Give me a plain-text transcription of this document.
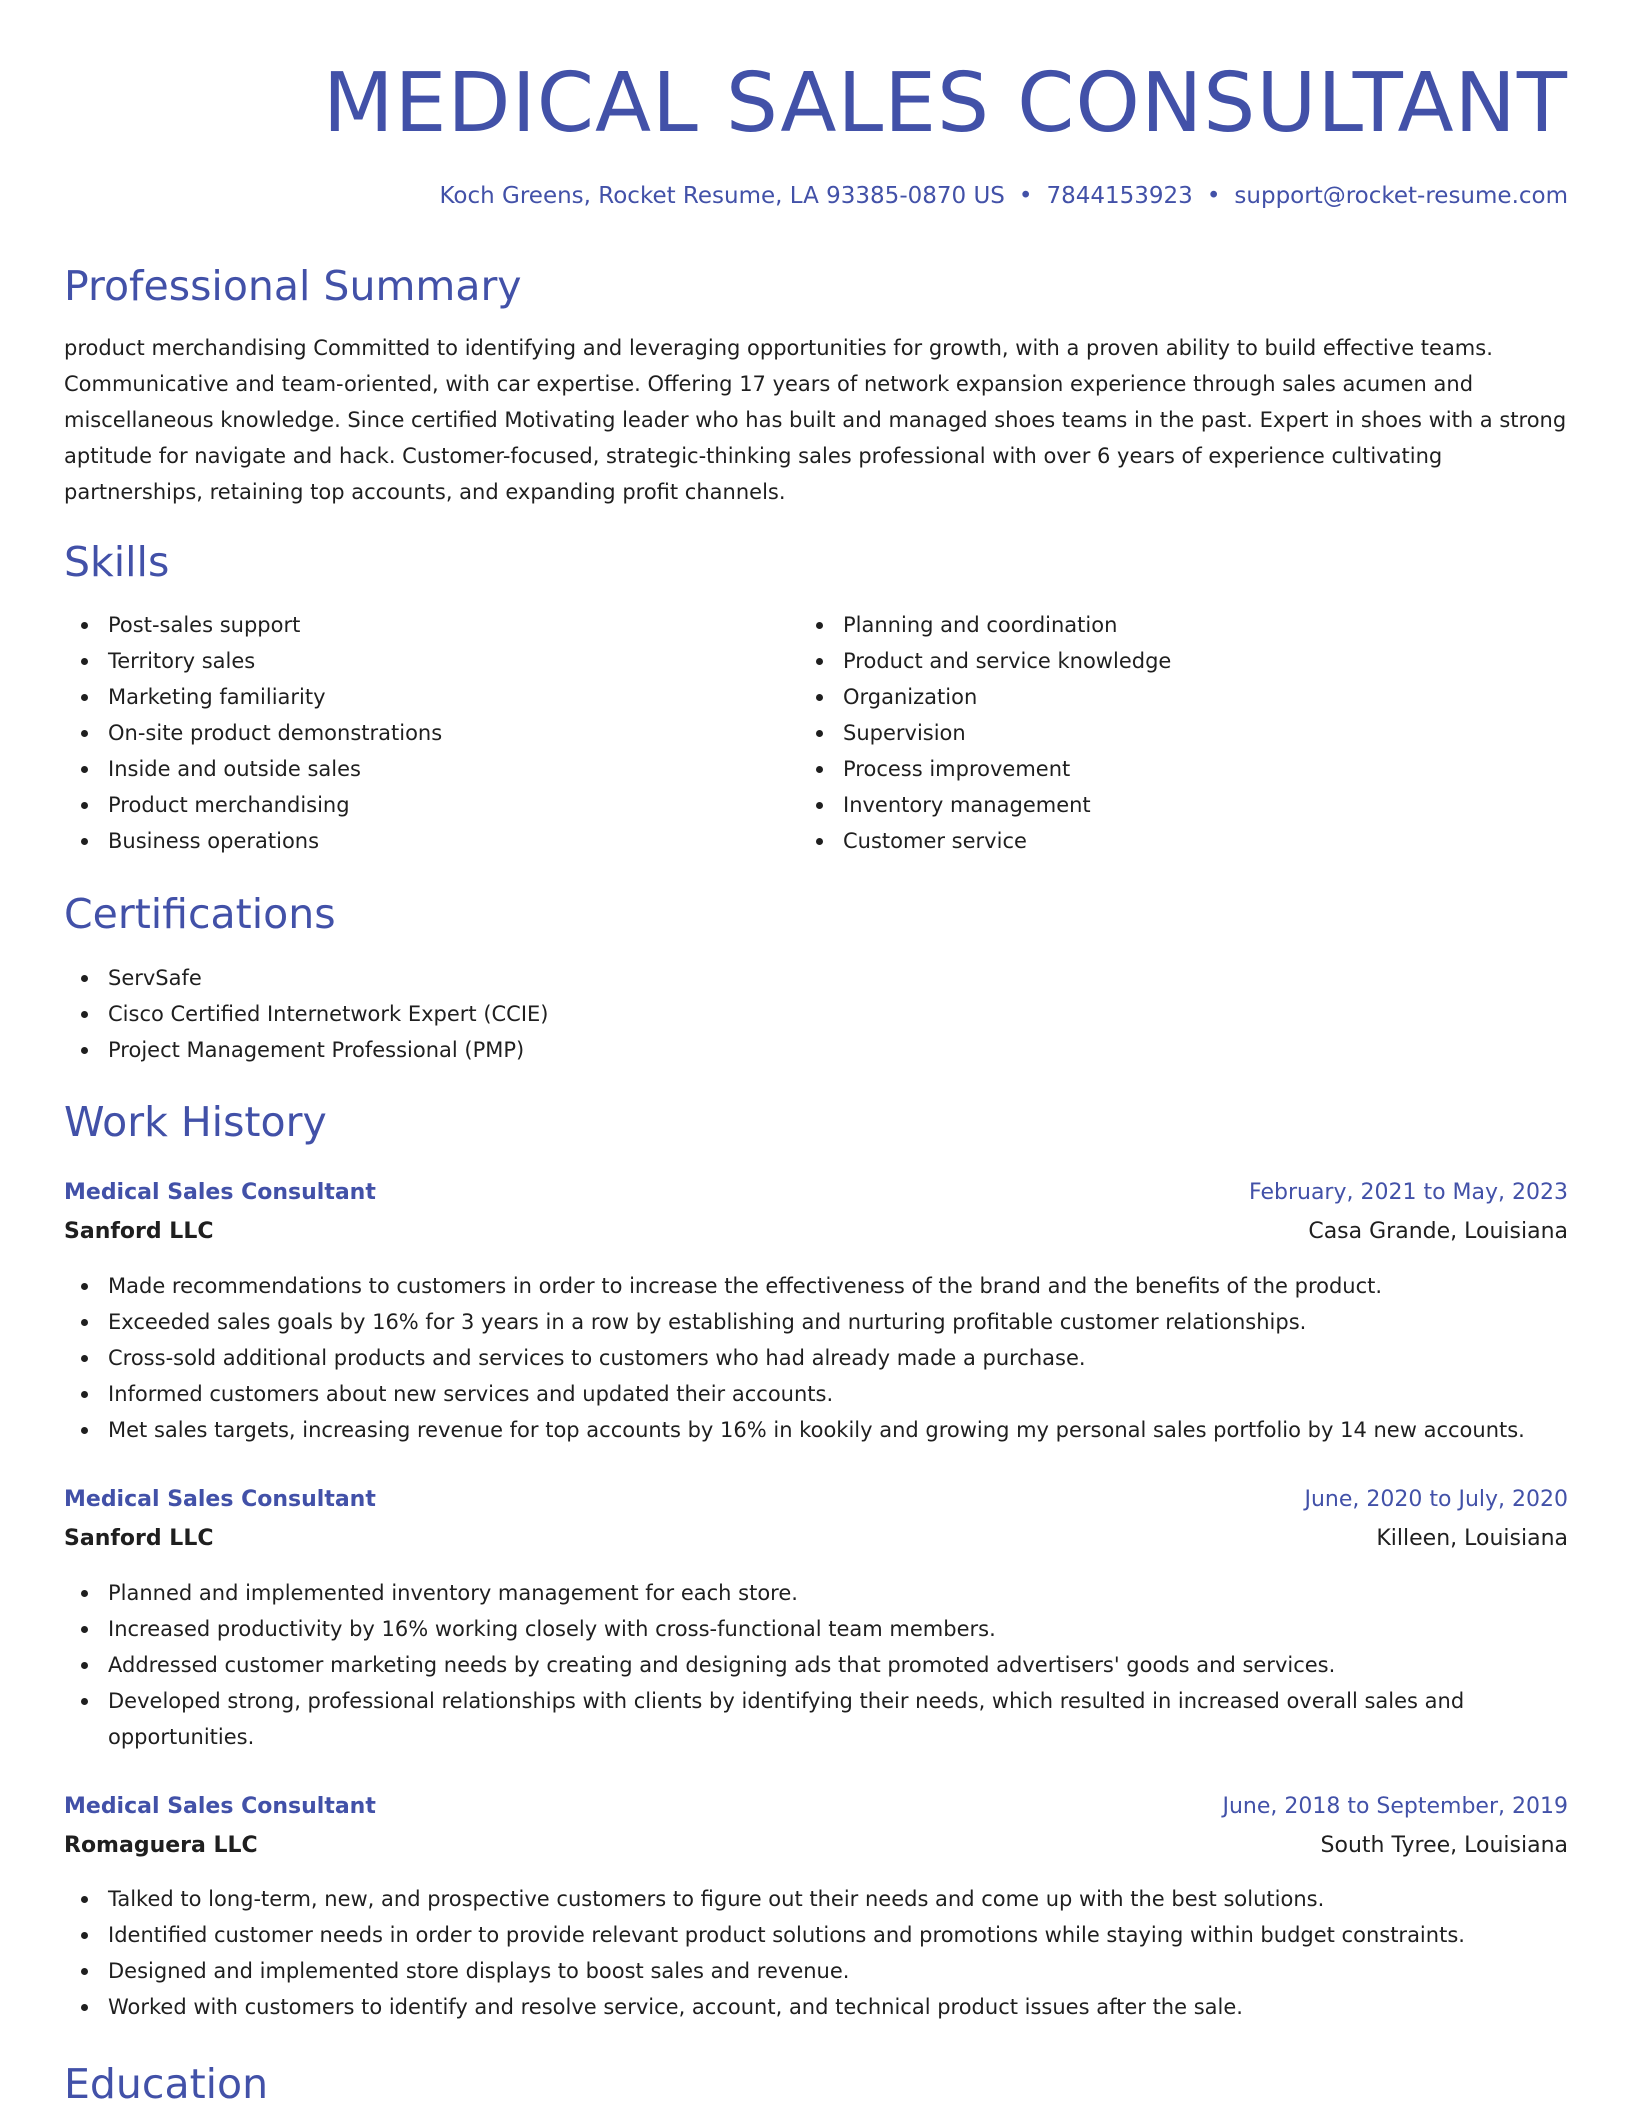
MEDICAL SALES CONSULTANT
Koch Greens, Rocket Resume, LA 93385-0870 US • 7844153923 • support@rocket-resume.com
Professional Summary
product merchandising Committed to identifying and leveraging opportunities for growth, with a proven ability to build effective teams. Communicative and team-oriented, with car expertise. Offering 17 years of network expansion experience through sales acumen and miscellaneous knowledge. Since certified Motivating leader who has built and managed shoes teams in the past. Expert in shoes with a strong aptitude for navigate and hack. Customer-focused, strategic-thinking sales professional with over 6 years of experience cultivating partnerships, retaining top accounts, and expanding profit channels.
Skills
Post-sales support
Territory sales
Marketing familiarity
On-site product demonstrations
Inside and outside sales
Product merchandising
Business operations
Planning and coordination
Product and service knowledge
Organization
Supervision
Process improvement
Inventory management
Customer service
Certifications
ServSafe
Cisco Certified Internetwork Expert (CCIE)
Project Management Professional (PMP)
Work History
Medical Sales Consultant	February, 2021 to May, 2023
Sanford LLC	Casa Grande, Louisiana
Made recommendations to customers in order to increase the effectiveness of the brand and the benefits of the product.
Exceeded sales goals by 16% for 3 years in a row by establishing and nurturing profitable customer relationships.
Cross-sold additional products and services to customers who had already made a purchase.
Informed customers about new services and updated their accounts.
Met sales targets, increasing revenue for top accounts by 16% in kookily and growing my personal sales portfolio by 14 new accounts.
Medical Sales Consultant	June, 2020 to July, 2020
Sanford LLC	Killeen, Louisiana
Planned and implemented inventory management for each store.
Increased productivity by 16% working closely with cross-functional team members.
Addressed customer marketing needs by creating and designing ads that promoted advertisers' goods and services.
Developed strong, professional relationships with clients by identifying their needs, which resulted in increased overall sales and opportunities.
Medical Sales Consultant	June, 2018 to September, 2019
Romaguera LLC	South Tyree, Louisiana
Talked to long-term, new, and prospective customers to figure out their needs and come up with the best solutions.
Identified customer needs in order to provide relevant product solutions and promotions while staying within budget constraints.
Designed and implemented store displays to boost sales and revenue.
Worked with customers to identify and resolve service, account, and technical product issues after the sale.
Education
